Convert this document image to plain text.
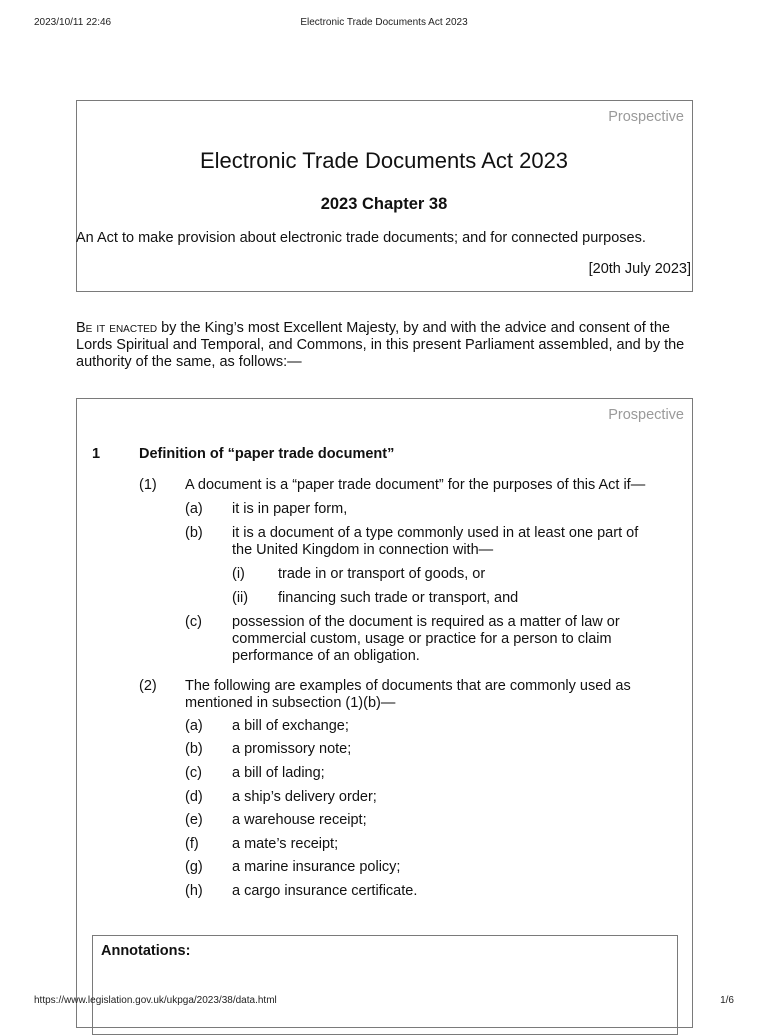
2023/10/11 22:46	Electronic Trade Documents Act 2023
Prospective
Electronic Trade Documents Act 2023
2023 Chapter 38
An Act to make provision about electronic trade documents; and for connected purposes.
[20th July 2023]
Be it enacted by the King’s most Excellent Majesty, by and with the advice and consent of the Lords Spiritual and Temporal, and Commons, in this present Parliament assembled, and by the authority of the same, as follows:—
Prospective
1	Definition of “paper trade document”
(1) A document is a “paper trade document” for the purposes of this Act if—
(a) it is in paper form,
(b) it is a document of a type commonly used in at least one part of
the United Kingdom in connection with—
(i) trade in or transport of goods, or
(ii) financing such trade or transport, and
(c) possession of the document is required as a matter of law or
commercial custom, usage or practice for a person to claim
performance of an obligation.
(2) The following are examples of documents that are commonly used as
mentioned in subsection (1)(b)—
(a) a bill of exchange;
(b) a promissory note;
(c) a bill of lading;
(d) a ship’s delivery order;
(e) a warehouse receipt;
(f) a mate’s receipt;
(g) a marine insurance policy;
(h) a cargo insurance certificate.
Annotations:
https://www.legislation.gov.uk/ukpga/2023/38/data.html	1/6
